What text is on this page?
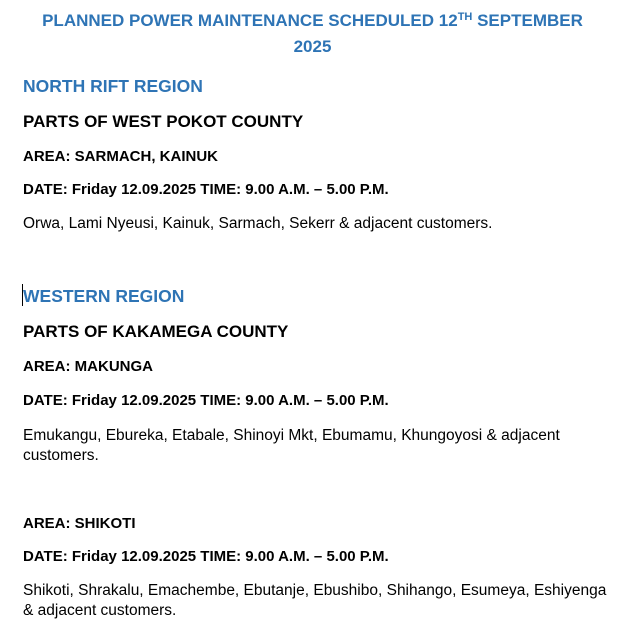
PLANNED POWER MAINTENANCE SCHEDULED 12TH SEPTEMBER
2025
NORTH RIFT REGION
PARTS OF WEST POKOT COUNTY
AREA: SARMACH, KAINUK
DATE: Friday 12.09.2025 TIME: 9.00 A.M. – 5.00 P.M.
Orwa, Lami Nyeusi, Kainuk, Sarmach, Sekerr & adjacent customers.
WESTERN REGION
PARTS OF KAKAMEGA COUNTY
AREA: MAKUNGA
DATE: Friday 12.09.2025 TIME: 9.00 A.M. – 5.00 P.M.
Emukangu, Ebureka, Etabale, Shinoyi Mkt, Ebumamu, Khungoyosi & adjacent customers.
AREA: SHIKOTI
DATE: Friday 12.09.2025 TIME: 9.00 A.M. – 5.00 P.M.
Shikoti, Shrakalu, Emachembe, Ebutanje, Ebushibo, Shihango, Esumeya, Eshiyenga & adjacent customers.
